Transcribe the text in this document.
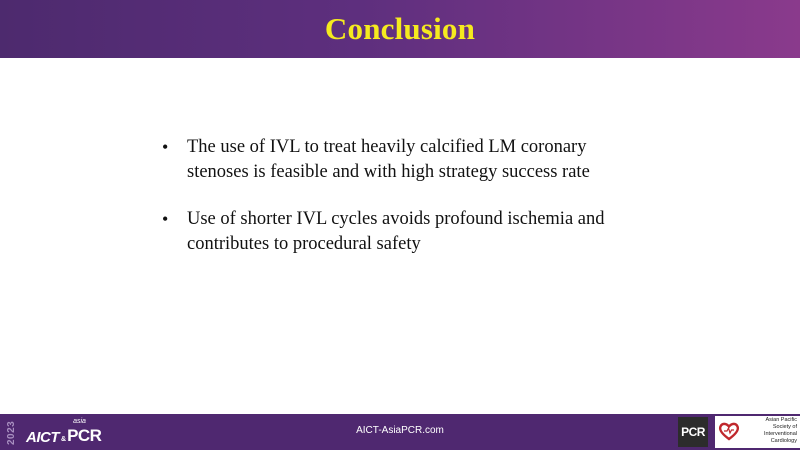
Conclusion
• The use of IVL to treat heavily calcified LM coronary stenoses is feasible and with high strategy success rate
• Use of shorter IVL cycles avoids profound ischemia and contributes to procedural safety
2023 AICT &
asia
PCR	AICT-AsiaPCR.com	PCR
Asian Pacific
Society of
Interventional
Cardiology
